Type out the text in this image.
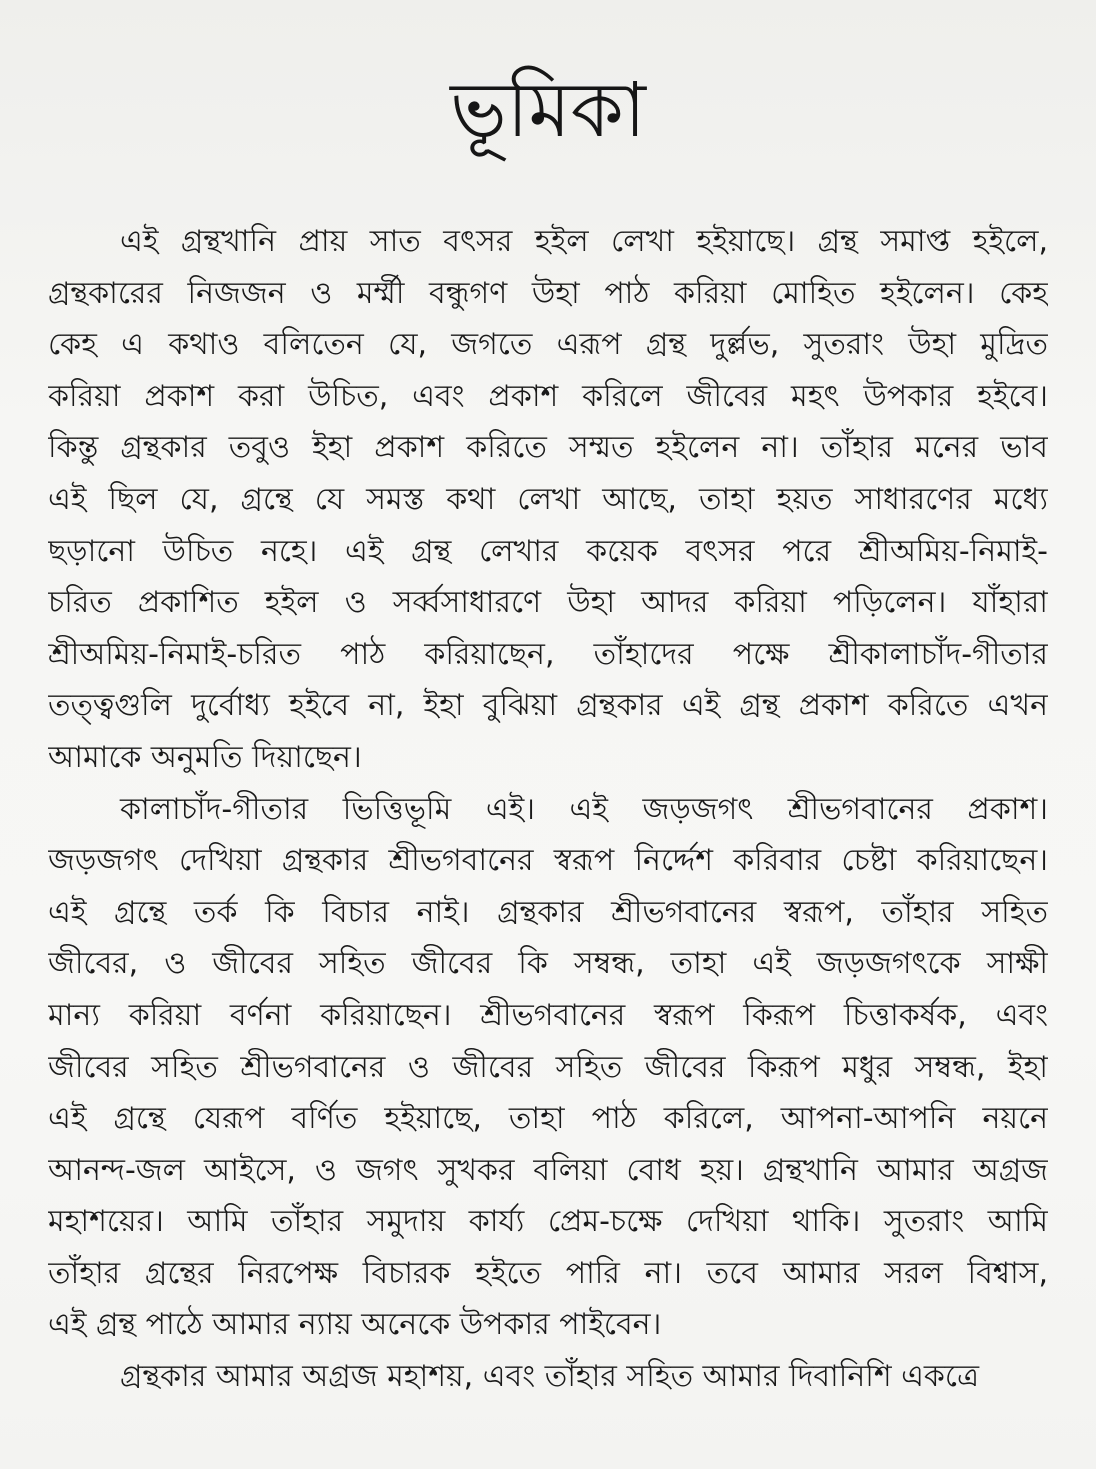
ভূমিকা
এই গ্রন্থখানি প্রায় সাত বৎসর হইল লেখা হইয়াছে। গ্রন্থ সমাপ্ত হইলে,
গ্রন্থকারের নিজজন ও মর্ম্মী বন্ধুগণ উহা পাঠ করিয়া মোহিত হইলেন। কেহ
কেহ এ কথাও বলিতেন যে, জগতে এরূপ গ্রন্থ দুর্ল্লভ, সুতরাং উহা মুদ্রিত
করিয়া প্রকাশ করা উচিত, এবং প্রকাশ করিলে জীবের মহৎ উপকার হইবে।
কিন্তু গ্রন্থকার তবুও ইহা প্রকাশ করিতে সম্মত হইলেন না। তাঁহার মনের ভাব
এই ছিল যে, গ্রন্থে যে সমস্ত কথা লেখা আছে, তাহা হয়ত সাধারণের মধ্যে
ছড়ানো উচিত নহে। এই গ্রন্থ লেখার কয়েক বৎসর পরে শ্রীঅমিয়-নিমাই-
চরিত প্রকাশিত হইল ও সর্ব্বসাধারণে উহা আদর করিয়া পড়িলেন। যাঁহারা
শ্রীঅমিয়-নিমাই-চরিত পাঠ করিয়াছেন, তাঁহাদের পক্ষে শ্রীকালাচাঁদ-গীতার
তত্ত্বগুলি দুর্বোধ্য হইবে না, ইহা বুঝিয়া গ্রন্থকার এই গ্রন্থ প্রকাশ করিতে এখন
আমাকে অনুমতি দিয়াছেন।
কালাচাঁদ-গীতার ভিত্তিভূমি এই। এই জড়জগৎ শ্রীভগবানের প্রকাশ।
জড়জগৎ দেখিয়া গ্রন্থকার শ্রীভগবানের স্বরূপ নির্দ্দেশ করিবার চেষ্টা করিয়াছেন।
এই গ্রন্থে তর্ক কি বিচার নাই। গ্রন্থকার শ্রীভগবানের স্বরূপ, তাঁহার সহিত
জীবের, ও জীবের সহিত জীবের কি সম্বন্ধ, তাহা এই জড়জগৎকে সাক্ষী
মান্য করিয়া বর্ণনা করিয়াছেন। শ্রীভগবানের স্বরূপ কিরূপ চিত্তাকর্ষক, এবং
জীবের সহিত শ্রীভগবানের ও জীবের সহিত জীবের কিরূপ মধুর সম্বন্ধ, ইহা
এই গ্রন্থে যেরূপ বর্ণিত হইয়াছে, তাহা পাঠ করিলে, আপনা-আপনি নয়নে
আনন্দ-জল আইসে, ও জগৎ সুখকর বলিয়া বোধ হয়। গ্রন্থখানি আমার অগ্রজ
মহাশয়ের। আমি তাঁহার সমুদায় কার্য্য প্রেম-চক্ষে দেখিয়া থাকি। সুতরাং আমি
তাঁহার গ্রন্থের নিরপেক্ষ বিচারক হইতে পারি না। তবে আমার সরল বিশ্বাস,
এই গ্রন্থ পাঠে আমার ন্যায় অনেকে উপকার পাইবেন।
গ্রন্থকার আমার অগ্রজ মহাশয়, এবং তাঁহার সহিত আমার দিবানিশি একত্রে
